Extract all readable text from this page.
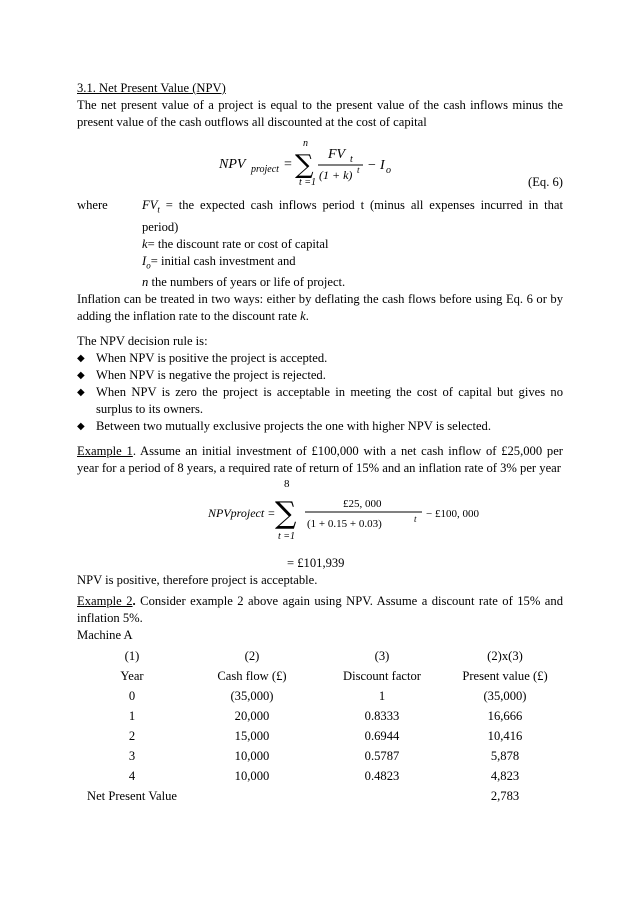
3.1. Net Present Value (NPV)

The net present value of a project is equal to the present value of the cash inflows minus the present value of the cash outflows all discounted at the cost of capital

NPV project =
n
∑
t =1
FV t
(1 + k) t − I o
(Eq. 6)
where	$FV_t$ = the expected cash inflows period t (minus all expenses incurred in that period)
k= the discount rate or cost of capital
$I_o=$ initial cash investment and
n the numbers of years or life of project.

Inflation can be treated in two ways: either by deflating the cash flows before using Eq. 6 or by adding the inflation rate to the discount rate k.

The NPV decision rule is:

◆ When NPV is positive the project is accepted.
◆ When NPV is negative the project is rejected.
◆ When NPV is zero the project is acceptable in meeting the cost of capital but gives no surplus to its owners.
◆ Between two mutually exclusive projects the one with higher NPV is selected.

Example 1. Assume an initial investment of £100,000 with a net cash inflow of £25,000 per year for a period of 8 years, a required rate of return of 15% and an inflation rate of 3% per year

NPVproject =
8
∑
t =1
£25, 000
(1 + 0.15 + 0.03)	t − £100, 000

= £101,939

NPV is positive, therefore project is acceptable.

Example 2. Consider example 2 above again using NPV. Assume a discount rate of 15% and inflation 5%.

Machine A

(1)	(2)	(3)	(2)x(3)
Year	Cash flow (£)	Discount factor	Present value (£)
0	(35,000)	1	(35,000)
1	20,000	0.8333	16,666
2	15,000	0.6944	10,416
3	10,000	0.5787	5,878
4	10,000	0.4823	4,823
Net Present Value			2,783
